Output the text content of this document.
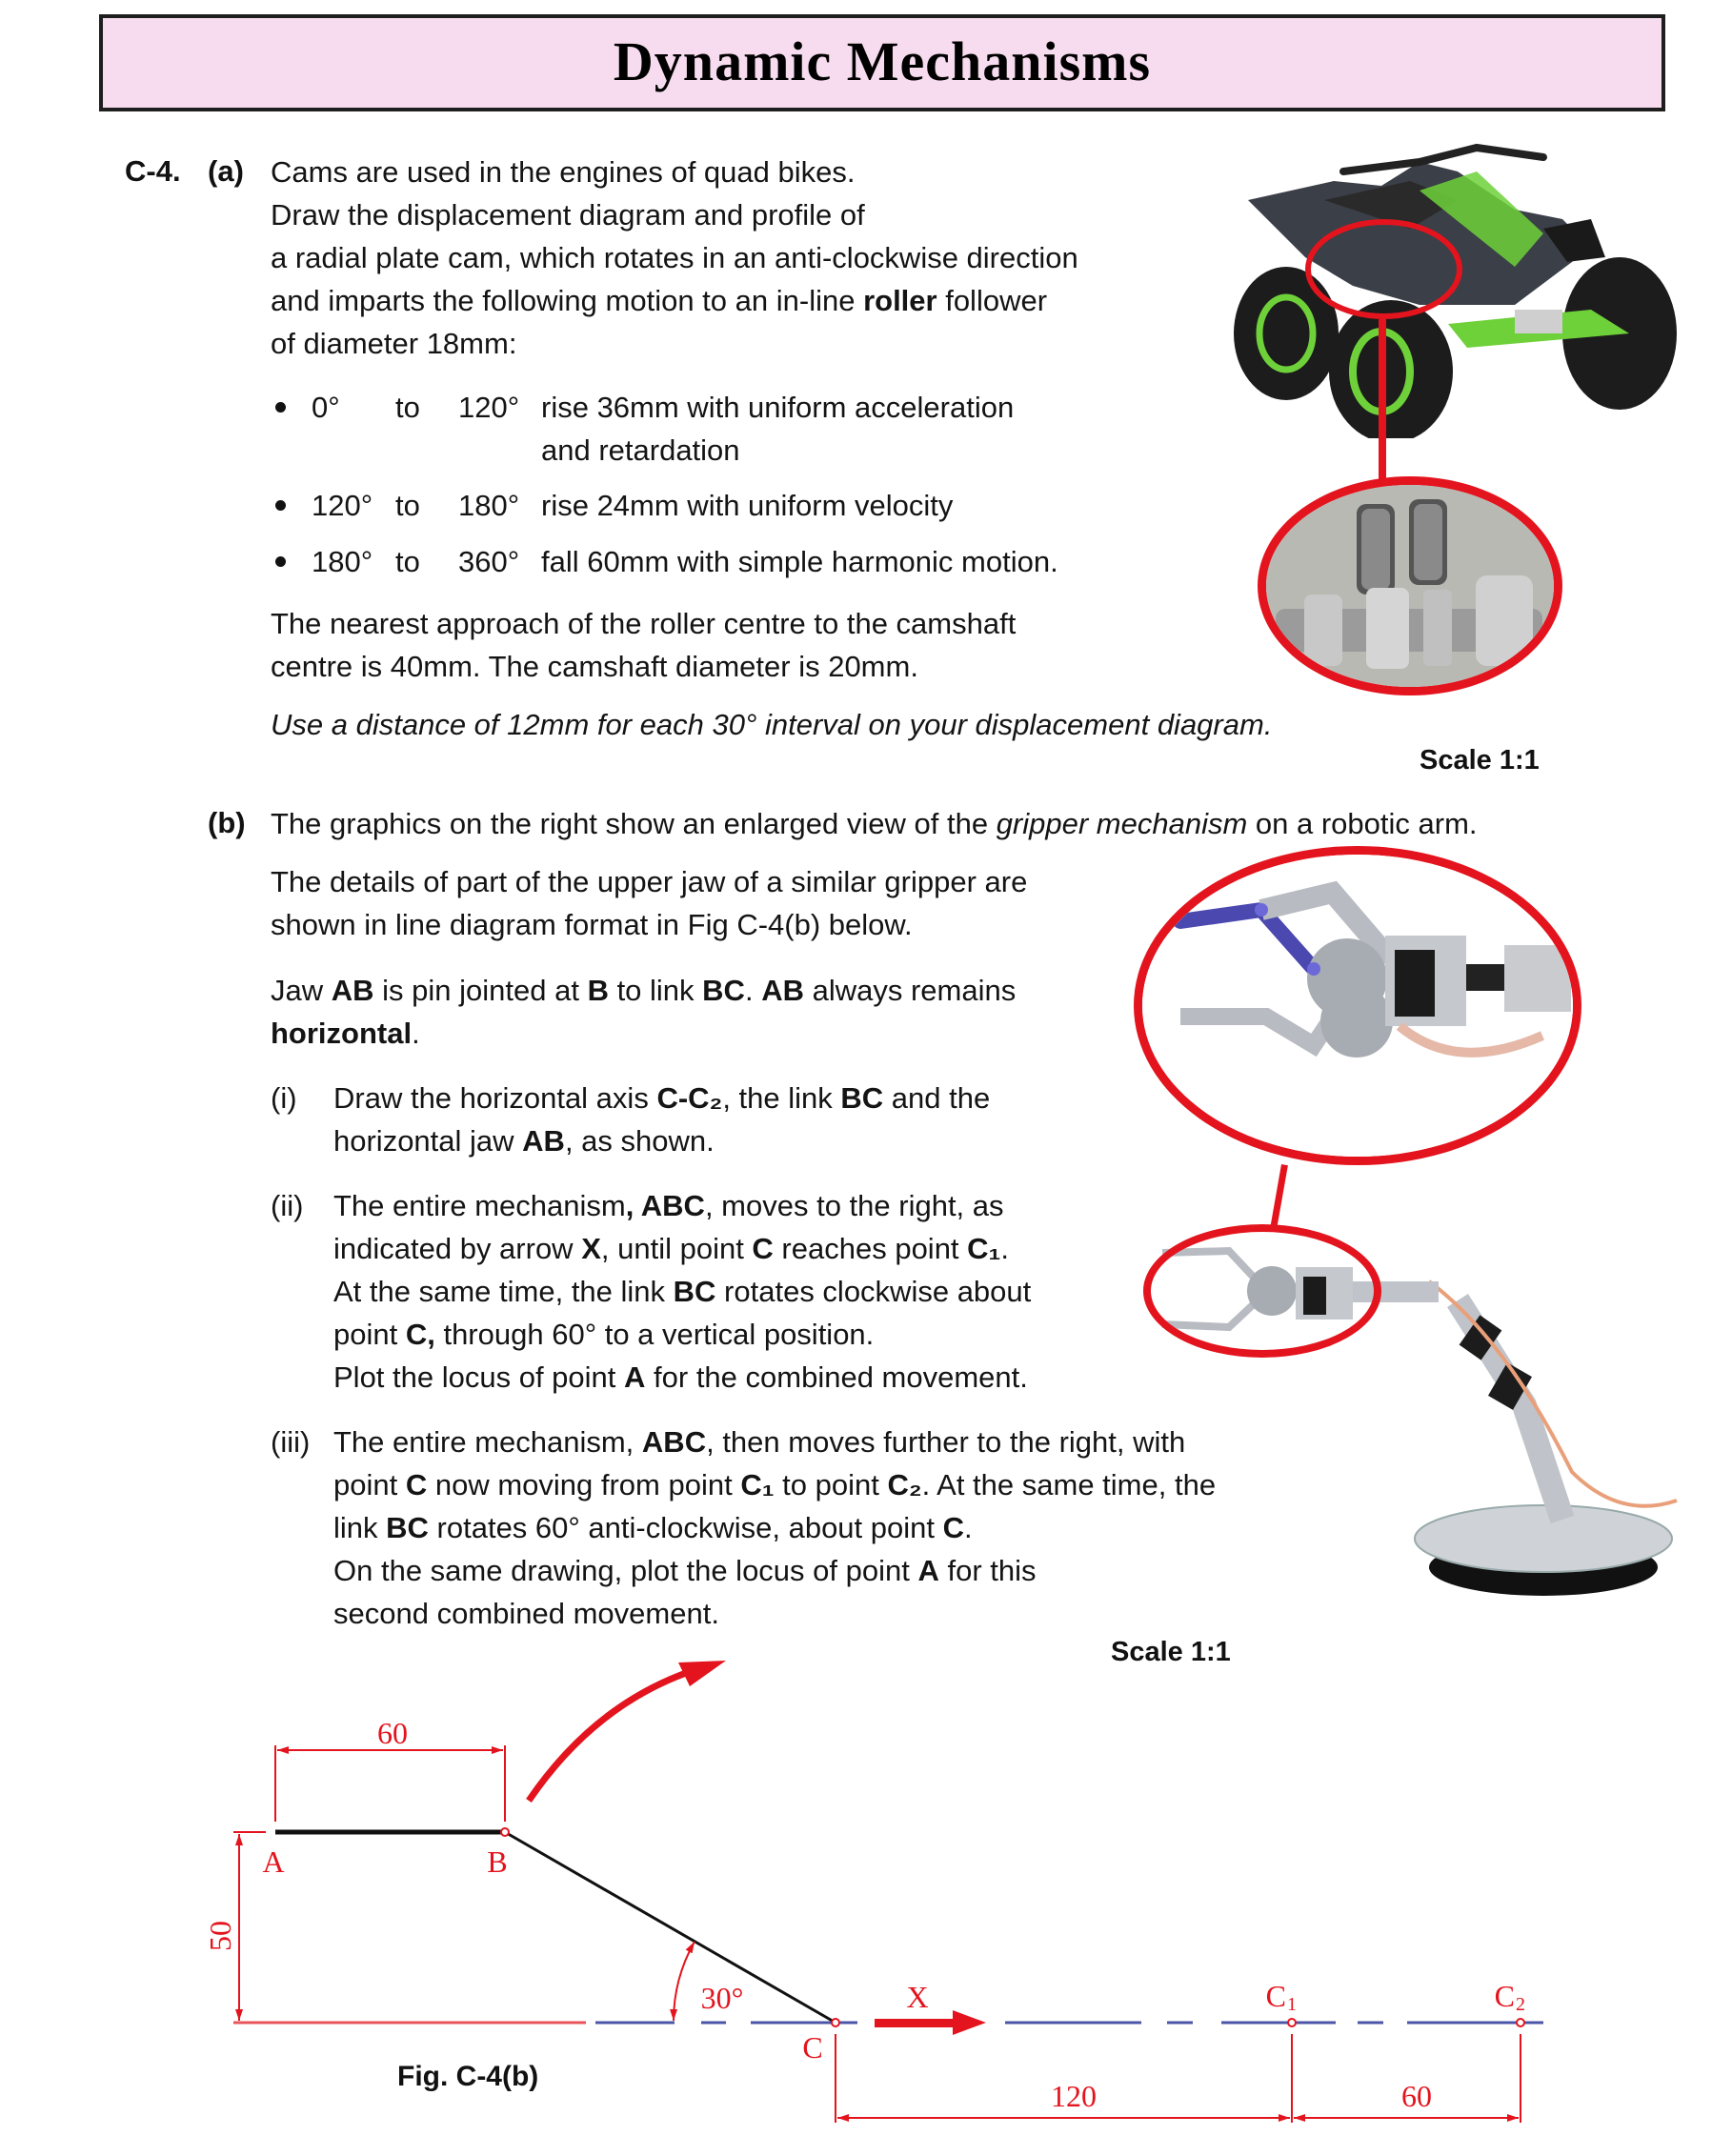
Dynamic Mechanisms
C-4. (a) Cams are used in the engines of quad bikes.
Draw the displacement diagram and profile of
a radial plate cam, which rotates in an anti-clockwise direction
and imparts the following motion to an in-line roller follower
of diameter 18mm:
0° to 120° rise 36mm with uniform acceleration
and retardation
120° to 180° rise 24mm with uniform velocity
180° to 360° fall 60mm with simple harmonic motion.
The nearest approach of the roller centre to the camshaft
centre is 40mm. The camshaft diameter is 20mm.
Use a distance of 12mm for each 30° interval on your displacement diagram.
Scale 1:1
(b) The graphics on the right show an enlarged view of the gripper mechanism on a robotic arm.
The details of part of the upper jaw of a similar gripper are
shown in line diagram format in Fig C-4(b) below.
Jaw AB is pin jointed at B to link BC. AB always remains
horizontal.
(i) Draw the horizontal axis C-C₂, the link BC and the
horizontal jaw AB, as shown.
(ii) The entire mechanism, ABC, moves to the right, as
indicated by arrow X, until point C reaches point C₁.
At the same time, the link BC rotates clockwise about
point C, through 60° to a vertical position.
Plot the locus of point A for the combined movement.
(iii) The entire mechanism, ABC, then moves further to the right, with
point C now moving from point C₁ to point C₂. At the same time, the
link BC rotates 60° anti-clockwise, about point C.
On the same drawing, plot the locus of point A for this
second combined movement.
Scale 1:1
60
A	B
50
30°
C
X	C 1	C 2
120	60
Fig. C-4(b)
